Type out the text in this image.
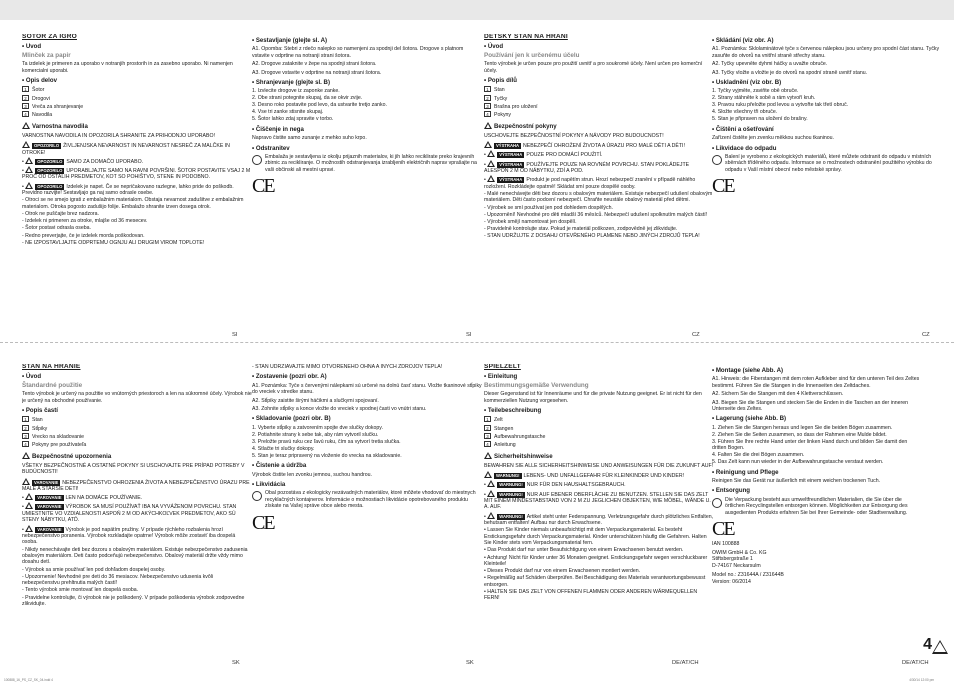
ŠOTOR ZA IGRO
• Uvod
Mlinček za papir

Ta izdelek je primeren za uporabo v notranjih prostorih in za zasebno uporabo. Ni namenjen komercialni uporabi.

• Opis delov
1 Šotor
2 Drogovi
3 Vreča za shranjevanje
4 Navodila
Varnostna navodila

VARNOSTNA NAVODILA IN OPOZORILA SHRANITE ZA PRIHODNJO UPORABO!

OPOZORILO ŽIVLJENJSKA NEVARNOST IN NEVARNOST NESREČ ZA MALČKE IN OTROKE!
•	OPOZORILO SAMO ZA DOMAČO UPORABO.
•	OPOZORILO UPORABLJAJTE SAMO NA RAVNI POVRŠINI. ŠOTOR POSTAVITE VSAJ 2 M PROČ OD OSTALIH PREDMETOV, KOT SO POHIŠTVO, STENE IN PODOBNO.
•	OPOZORILO Izdelek je napet. Če se nepričakovano razlegne, lahko pride do poškodb. Previdno razvijte! Sestavljajo ga naj samo odrasle osebe.
- Otroci se ne smejo igrati z embalažnim materialom. Obstaja nevarnost zadušitve z embalažnim materialom. Otroka pogosto zadušijo folije. Embalažo shranite izven dosega otrok.
- Otrok ne puščajte brez nadzora.
- Izdelek ni primeren za otroke, mlajše od 36 mesecev.
- Šotor postavi odrasla oseba.
- Redno preverjajte, če je izdelek morda poškodovan.
- NE IZPOSTAVLJAJTE ODPRTEMU OGNJU ALI DRUGIM VIROM TOPLOTE!
• Sestavljanje (glejte sl. A)

A1. Opomba: Stebri z rdečo nalepko so namenjeni za spodnji del šotora. Drogove s platnom vstavite v odprtine na notranji strani šotora.

A2. Drogove zataknite v žepe na spodnji strani šotora.

A3. Drogove vstavite v odprtine na notranji strani šotora.

• Shranjevanje (glejte sl. B)
1. Izvlecite drogove iz zaponke zanke.
2. Obe strani potegnite skupaj, da se okvir zvije.
3. Desno roko postavite pod levo, da ustvarite tretjo zanko.
4. Vse tri zanke stisnite skupaj.
5. Šotor lahko zdaj spravite v torbo.
• Čiščenje in nega

Napravo čistite samo zunanje z mehko suho krpo.

• Odstranitev

Embalaža je sestavljena iz okolju prijaznih materialov, ki jih lahko reciklirate preko krajevnih zbirnic za recikliranje. O možnostih odstranjevanja izrabljenih električnih naprav vprašajte na vaši občinski ali mestni upravi.

CE
DĚTSKÝ STAN NA HRANÍ
• Úvod
Používání jen k určenému účelu

Tento výrobek je určen pouze pro použití uvnitř a pro soukromé účely. Není určen pro komerční účely.

• Popis dílů
1 Stan
2 Tyčky
3 Brašna pro uložení
4 Pokyny
Bezpečnostní pokyny

USCHOVEJTE BEZPEČNOSTNÍ POKYNY A NÁVODY PRO BUDOUCNOST!

VÝSTRAHA NEBEZPEČÍ OHROŽENÍ ŽIVOTA A ÚRAZU PRO MALÉ DĚTI A DĚTI!
•	VÝSTRAHA POUZE PRO DOMÁCÍ POUŽITÍ.
•	VÝSTRAHA POUŽÍVEJTE POUZE NA ROVNÉM POVRCHU. STAN POKLÁDEJTE ALESPOŇ 2 M OD NÁBYTKU, ZDÍ A POD.
•	VÝSTRAHA Produkt je pod napětím strun. Hrozí nebezpečí zranění v případě náhlého rozložení. Rozkládejte opatrně! Skládat smí pouze dospělé osoby.
- Malé nenechávejte děti bez dozoru s obalovým materiálem. Existuje nebezpečí udušení obalovým materiálem. Děti často podcení nebezpečí. Chraňte neustále obalový materiál před dětmi.
- Výrobek se smí používat jen pod dohledem dospělých.
- Upozornění! Nevhodné pro děti mladší 36 měsíců. Nebezpečí udušení spolknutím malých částí!
- Výrobek smějí namontovat jen dospělí.
- Pravidelně kontrolujte stav. Pokud je materiál poškozen, zodpovědně jej zlikvidujte.
- STAN UDRŽUJTE Z DOSAHU OTEVŘENÉHO PLAMENE NEBO JINÝCH ZDROJŮ TEPLA!
• Skládání (viz obr. A)

A1. Poznámka: Sklolaminátové tyče s červenou nálepkou jsou určeny pro spodní část stanu. Tyčky zasuňte do otvorů na vnitřní straně střechy stanu.

A2. Tyčky upevněte dyhmi háčky a uvažte obruče.

A3. Tyčky vložte a vložte je do otvorů na spodní straně uvnitř stanu.

• Uskladnění (viz obr. B)
1. Tyčky vyjměte, zaviňte obě obruče.
2. Strany stáhněte k sobě a rám vytvoří kruh.
3. Pravou ruku přeložte pod levou a vytvořte tak třetí obruč.
4. Složte všechny tři obruče.
5. Stan je připraven na uložení do brašny.
• Čištění a ošetřování

Zařízení čistěte jen zvenku měkkou suchou tkaninou.

• Likvidace do odpadu

Balení je vyrobeno z ekologických materiálů, které můžete odstranit do odpadu v místních sběrnách tříděného odpadu. Informace se o možnostech odstranění použitého výrobku do odpadu v Vaší místní obecní nebo městské správy.

CE
SI	SI	CZ	CZ
STAN NA HRANIE
• Úvod
Štandardné použitie

Tento výrobok je určený na použitie vo vnútorných priestoroch a len na súkromné účely. Výrobok nie je určený na obchodné používanie.

• Popis častí
1 Stan
2 Stĺpiky
3 Vrecko na skladovanie
4 Pokyny pre používateľa
Bezpečnostné upozornenia

VŠETKY BEZPEČNOSTNÉ A OSTATNÉ POKYNY SI USCHOVAJTE PRE PRÍPAD POTREBY V BUDÚCNOSTI!

VAROVANIE NEBEZPEČENSTVO OHROZENIA ŽIVOTA A NEBEZPEČENSTVO ÚRAZU PRE MALÉ A STARŠIE DETI!
•	VAROVANIE LEN NA DOMÁCE POUŽÍVANIE.
•	VAROVANIE VÝROBOK SA MUSÍ POUŽÍVAŤ IBA NA VYVÁŽENOM POVRCHU. STAN UMIESTNITE VO VZDIALENOSTI ASPOŇ 2 M OD AKÝCHKOĽVEK PREDMETOV, AKO SÚ STENY NÁBYTKU, ATĎ.
•	VAROVANIE Výrobok je pod napätím pružiny. V prípade rýchleho rozbalenia hrozí nebezpečenstvo poranenia. Výrobok rozkladajte opatrne! Výrobok môže zostaviť iba dospelá osoba.
- Nikdy nenechávajte deti bez dozoru s obalovým materiálom. Existuje nebezpečenstvo zadusenia obalovým materiálom. Deti často podceňujú nebezpečenstvo. Obalový materiál držte vždy mimo dosahu detí.
- Výrobok sa smie používať len pod dohľadom dospelej osoby.
- Upozornenie! Nevhodné pre deti do 36 mesiacov. Nebezpečenstvo udusenia kvôli nebezpečenstvu prehltnutia malých častí!
- Tento výrobok smie montovať len dospelá osoba.
- Pravidelne kontrolujte, či výrobok nie je poškodený. V prípade poškodenia výrobok zodpovedne zlikvidujte.

- STAN UDRŽIAVAJTE MIMO OTVORENÉHO OHŇA A INÝCH ZDROJOV TEPLA!

• Zostavenie (pozri obr. A)

A1. Poznámka: Tyče s červenými nálepkami sú určené na dolnú časť stanu. Vložte tkaninové stĺpiky do vreciek v stredke stanu.

A2. Stĺpiky zaistite širými háčikmi a slučkymi spojovaní.

A3. Zohnite stĺpiky a konce vložte do vreciek v spodnej časti vo vnútri stanu.

• Skladovanie (pozri obr. B)
1. Vyberte stĺpiky a zatvorením spojte dve slučky dokopy.
2. Potiahnite strany k sebe tak, aby rám vytvoril slučku.
3. Preložte pravú ruku cez ľavú ruku, čím sa vytvorí tretia slučka.
4. Stlačte tri slučky dokopy.
5. Stan je teraz pripravený na vloženie do vrecka na skladovanie.
• Čistenie a údržba

Výrobok čistite len zvonku jemnou, suchou handrou.

• Likvidácia

Obal pozostáva z ekologicky nezávadných materiálov, ktoré môžete vhodovať do miestnych recyklačných kontajnerov. Informácie o možnostiach likvidácie opotrebovaného produktu získate na Vašej správe obce alebo mesta.

CE
SPIELZELT
• Einleitung
Bestimmungsgemäße Verwendung

Dieser Gegenstand ist für Innenräume und für die private Nutzung geeignet. Er ist nicht für den kommerziellen Nutzung vorgesehen.

• Teilebeschreibung
1 Zelt
2 Stangen
3 Aufbewahrungstasche
4 Anleitung
Sicherheitshinweise

BEWAHREN SIE ALLE SICHERHEITSHINWEISE UND ANWEISUNGEN FÜR DIE ZUKUNFT AUF!

WARNUNG! LEBENS- UND UNFALLGEFAHR FÜR KLEINKINDER UND KINDER!
•	WARNUNG! NUR FÜR DEN HAUSHALTSGEBRAUCH.
•	WARNUNG! NUR AUF EBENER OBERFLÄCHE ZU BENUTZEN. STELLEN SIE DAS ZELT MIT EINEM MINDESTABSTAND VON 2 M ZU JEGLICHEN OBJEKTEN, WIE MÖBEL, WÄNDE U. A. AUF.
•	WARNUNG! Artikel steht unter Federspannung. Verletzungsgefahr durch plötzliches Entfalten, behutsam entfalten! Aufbau nur durch Erwachsene.
• Lassen Sie Kinder niemals unbeaufsichtigt mit dem Verpackungsmaterial. Es besteht Erstickungsgefahr durch Verpackungsmaterial. Kinder unterschätzen häufig die Gefahren. Halten Sie Kinder stets vom Verpackungsmaterial fern.
• Das Produkt darf nur unter Beaufsichtigung von einem Erwachsenen benutzt werden.
• Achtung! Nicht für Kinder unter 36 Monaten geeignet. Erstickungsgefahr wegen verschluckbarer Kleinteile!
• Dieses Produkt darf nur von einem Erwachsenen montiert werden.
• Regelmäßig auf Schäden überprüfen. Bei Beschädigung des Materials verantwortungsbewusst entsorgen.
• HALTEN SIE DAS ZELT VON OFFENEN FLAMMEN ODER ANDEREN WÄRMEQUELLEN FERN!
• Montage (siehe Abb. A)

A1. Hinweis: die Fiberstangen mit dem roten Aufkleber sind für den unteren Teil des Zeltes bestimmt. Führen Sie die Stangen in die Innenseiten des Zeltdaches.

A2. Sichern Sie die Stangen mit den 4 Klettverschlüssen.

A3. Biegen Sie die Stangen und stecken Sie die Enden in die Taschen an der inneren Unterseite des Zeltes.

• Lagerung (siehe Abb. B)
1. Ziehen Sie die Stangen heraus und legen Sie die beiden Bögen zusammen.
2. Ziehen Sie die Seiten zusammen, so dass der Rahmen eine Mulde bildet.
3. Führen Sie Ihre rechte Hand unter der linken Hand durch und bilden Sie damit den dritten Bogen.
4. Falten Sie die drei Bögen zusammen.
5. Das Zelt kann nun wieder in der Aufbewahrungstasche verstaut werden.
• Reinigung und Pflege

Reinigen Sie das Gerät nur äußerlich mit einem weichen trockenen Tuch.

• Entsorgung

Die Verpackung besteht aus umweltfreundlichen Materialien, die Sie über die örtlichen Recyclingstellen entsorgen können. Möglichkeiten zur Entsorgung des ausgedienten Produkts erfahren Sie bei Ihrer Gemeinde- oder Stadtverwaltung.

CE

IAN 100888

OWIM GmbH & Co. KG

Stiftsbergstraße 1

D-74167 Neckarsulm

Model no.: Z31644A / Z31644B

Version: 06/2014

4
SK	SK	DE/AT/CH	DE/AT/CH
100888_16_PS_CZ_SK_04.indd 4	4/30/14 12:00 pm
